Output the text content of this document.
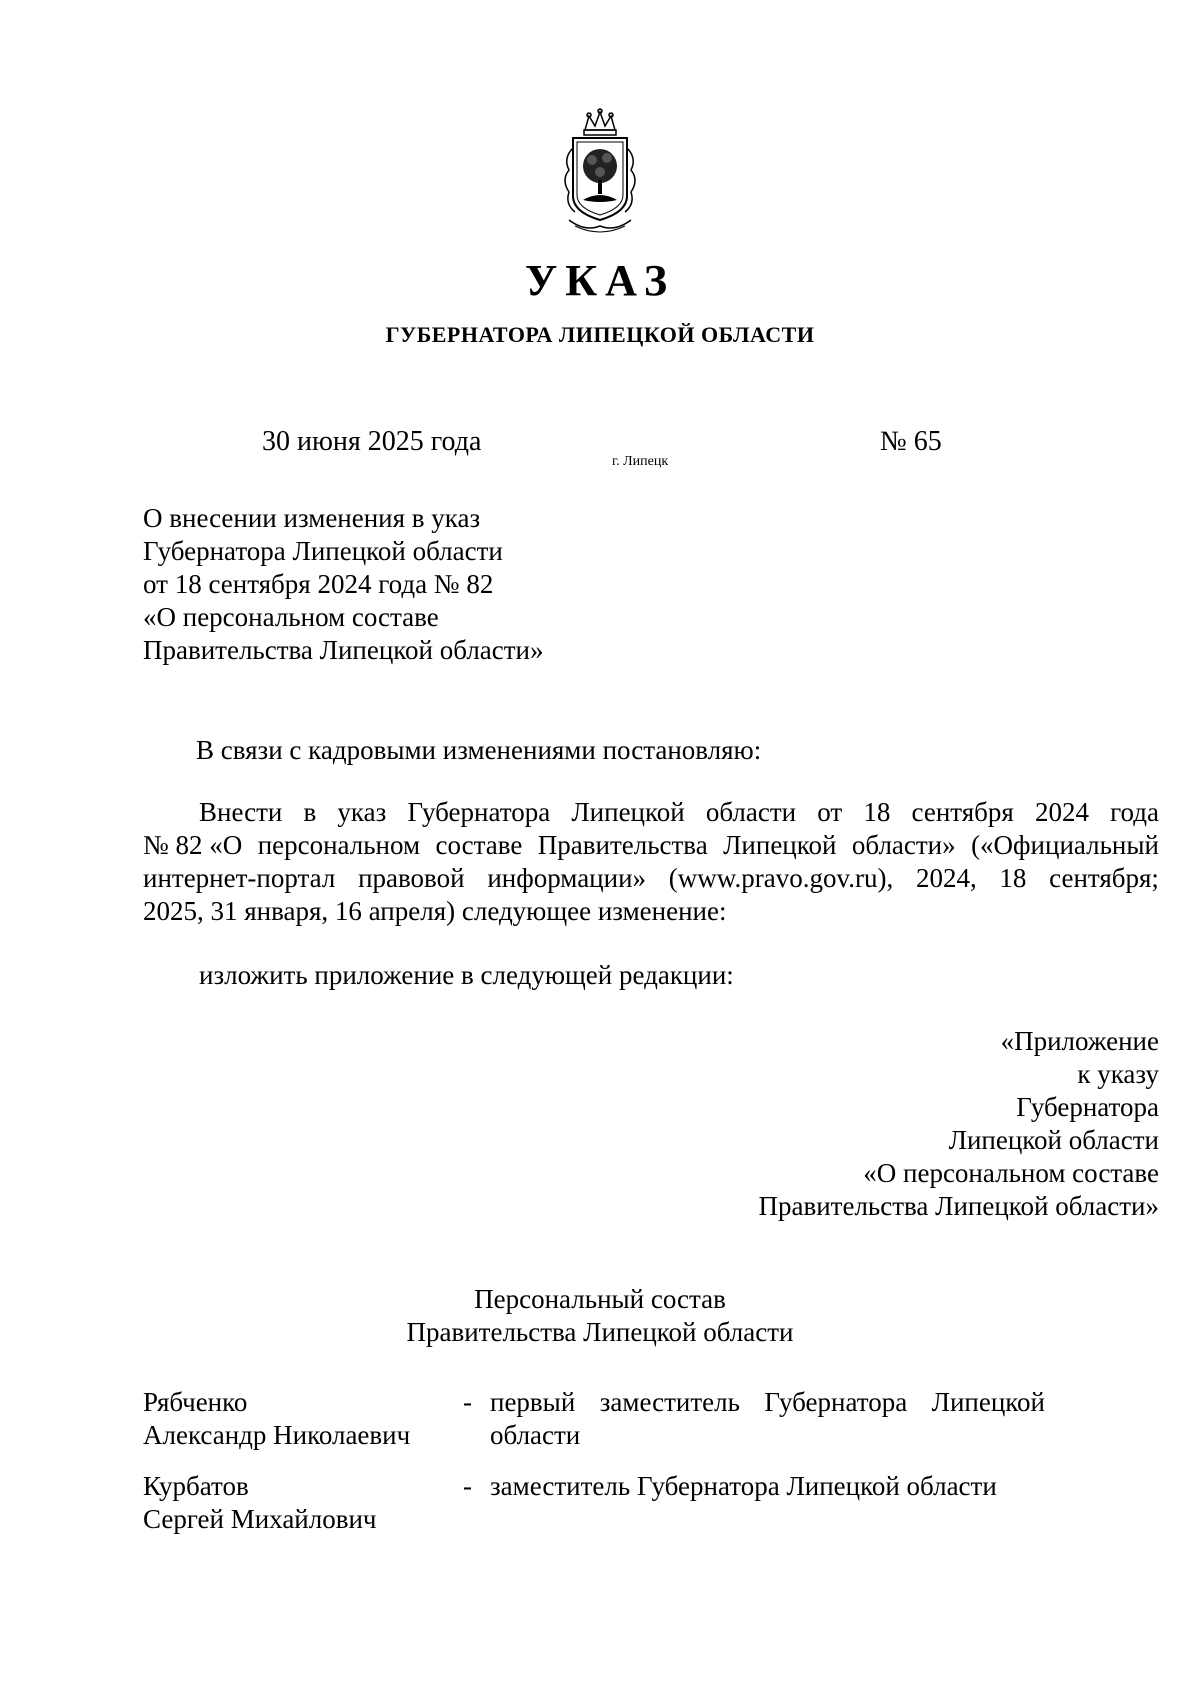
УКАЗ
ГУБЕРНАТОРА ЛИПЕЦКОЙ ОБЛАСТИ
30 июня 2025 года
г. Липецк
№ 65
О внесении изменения в указ
Губернатора Липецкой области
от 18 сентября 2024 года № 82
«О персональном составе
Правительства Липецкой области»
В связи с кадровыми изменениями постановляю:
Внести в указ Губернатора Липецкой области от 18 сентября 2024 года
№ 82 «О персональном составе Правительства Липецкой области» («Официальный
интернет-портал правовой информации» (www.pravo.gov.ru), 2024, 18 сентября;
2025, 31 января, 16 апреля) следующее изменение:
изложить приложение в следующей редакции:
«Приложение
к указу
Губернатора
Липецкой области
«О персональном составе
Правительства Липецкой области»
Персональный состав
Правительства Липецкой области
Рябченко
Александр Николаевич
- первый заместитель Губернатора Липецкой
области
Курбатов
Сергей Михайлович
- заместитель Губернатора Липецкой области
